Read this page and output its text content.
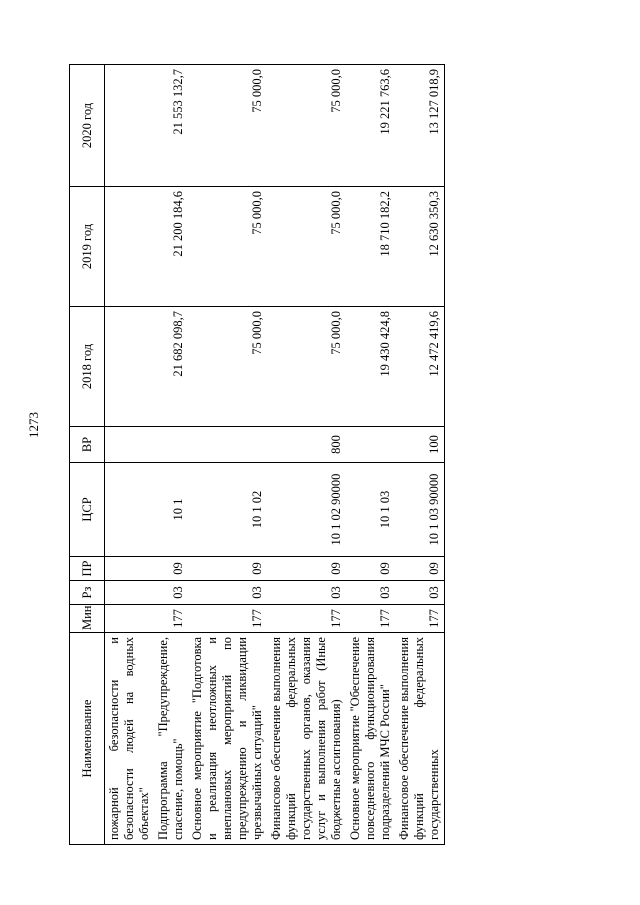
1273
Наименование	Мин	Рз	ПР	ЦСР	ВР	2018 год	2019 год	2020 год
пожарной безопасности и безопасности людей на водных объектах"								
Подпрограмма "Предупреждение, спасение, помощь"	177	03	09	10 1		21 682 098,7	21 200 184,6	21 553 132,7
Основное мероприятие "Подготовка и реализация неотложных и внеплановых мероприятий по предупреждению и ликвидации чрезвычайных ситуаций"	177	03	09	10 1 02		75 000,0	75 000,0	75 000,0
Финансовое обеспечение выполнения функций федеральных государственных органов, оказания услуг и выполнения работ (Иные бюджетные ассигнования)	177	03	09	10 1 02 90000	800	75 000,0	75 000,0	75 000,0
Основное мероприятие "Обеспечение повседневного функционирования подразделений МЧС России"	177	03	09	10 1 03		19 430 424,8	18 710 182,2	19 221 763,6
Финансовое обеспечение выполнения функций федеральных государственных	177	03	09	10 1 03 90000	100	12 472 419,6	12 630 350,3	13 127 018,9
